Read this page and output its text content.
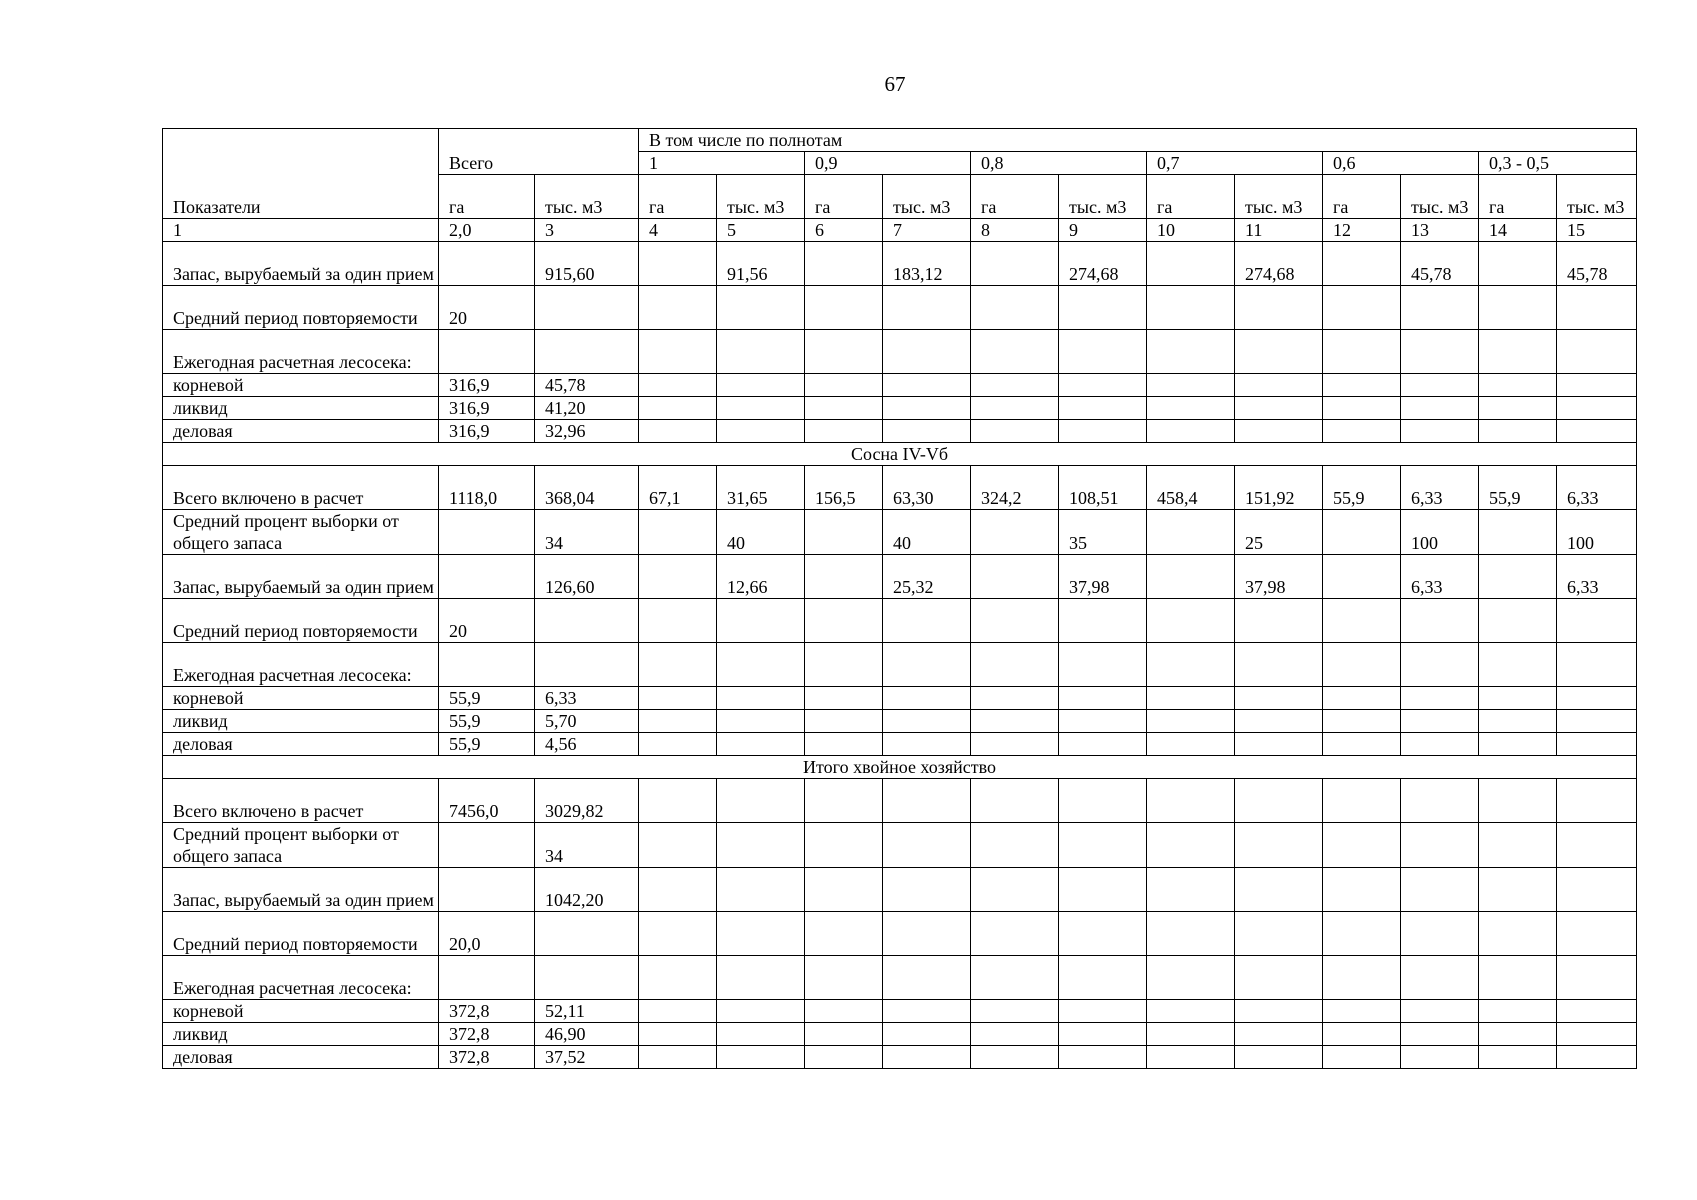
67
Показатели	Всего		В том числе по полнотам											
			1		0,9		0,8		0,7		0,6		0,3 - 0,5	
	га	тыс. м3	га	тыс. м3	га	тыс. м3	га	тыс. м3	га	тыс. м3	га	тыс. м3	га	тыс. м3
1	2,0	3	4	5	6	7	8	9	10	11	12	13	14	15
Запас, вырубаемый за один прием		915,60		91,56		183,12		274,68		274,68		45,78		45,78
Средний период повторяемости	20													
Ежегодная расчетная лесосека:														
корневой	316,9	45,78												
ликвид	316,9	41,20												
деловая	316,9	32,96												
Сосна IV-Vб														
Всего включено в расчет	1118,0	368,04	67,1	31,65	156,5	63,30	324,2	108,51	458,4	151,92	55,9	6,33	55,9	6,33
Средний процент выборки от общего запаса		34		40		40		35		25		100		100
Запас, вырубаемый за один прием		126,60		12,66		25,32		37,98		37,98		6,33		6,33
Средний период повторяемости	20													
Ежегодная расчетная лесосека:														
корневой	55,9	6,33												
ликвид	55,9	5,70												
деловая	55,9	4,56												
Итого хвойное хозяйство														
Всего включено в расчет	7456,0	3029,82												
Средний процент выборки от общего запаса		34												
Запас, вырубаемый за один прием		1042,20												
Средний период повторяемости	20,0													
Ежегодная расчетная лесосека:														
корневой	372,8	52,11												
ликвид	372,8	46,90												
деловая	372,8	37,52												
